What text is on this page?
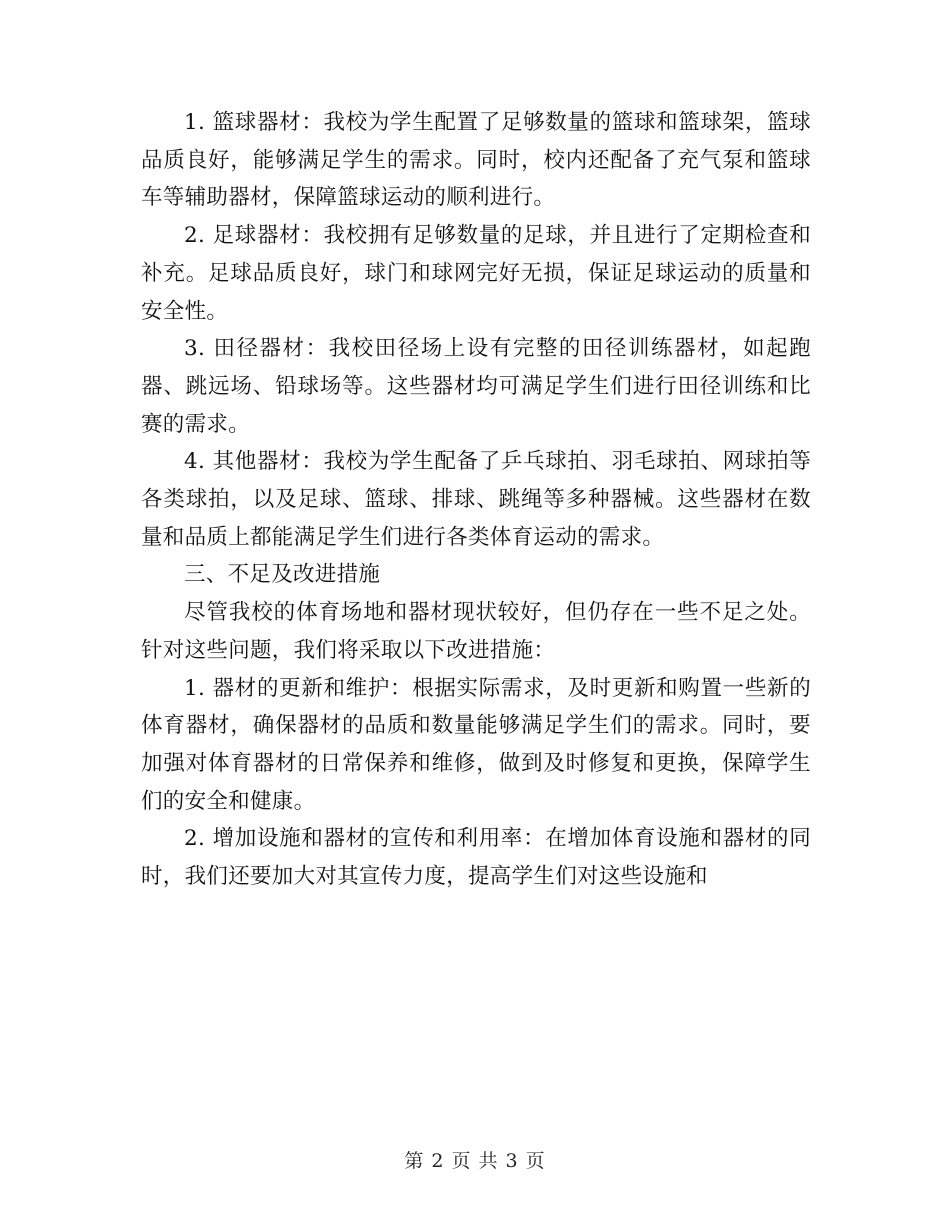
1. 篮球器材：我校为学生配置了足够数量的篮球和篮球架，篮球品质良好，能够满足学生的需求。同时，校内还配备了充气泵和篮球车等辅助器材，保障篮球运动的顺利进行。

2. 足球器材：我校拥有足够数量的足球，并且进行了定期检查和补充。足球品质良好，球门和球网完好无损，保证足球运动的质量和安全性。

3. 田径器材：我校田径场上设有完整的田径训练器材，如起跑器、跳远场、铅球场等。这些器材均可满足学生们进行田径训练和比赛的需求。

4. 其他器材：我校为学生配备了乒乓球拍、羽毛球拍、网球拍等各类球拍，以及足球、篮球、排球、跳绳等多种器械。这些器材在数量和品质上都能满足学生们进行各类体育运动的需求。

三、不足及改进措施

尽管我校的体育场地和器材现状较好，但仍存在一些不足之处。针对这些问题，我们将采取以下改进措施：

1. 器材的更新和维护：根据实际需求，及时更新和购置一些新的体育器材，确保器材的品质和数量能够满足学生们的需求。同时，要加强对体育器材的日常保养和维修，做到及时修复和更换，保障学生们的安全和健康。

2. 增加设施和器材的宣传和利用率：在增加体育设施和器材的同时，我们还要加大对其宣传力度，提高学生们对这些设施和

第 2 页 共 3 页
